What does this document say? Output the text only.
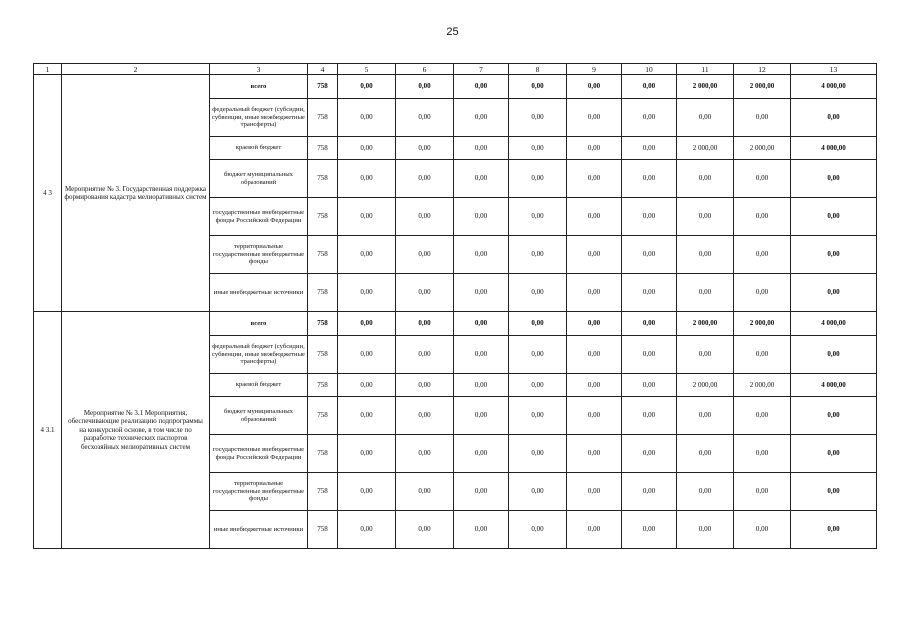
25
1	2	3	4	5	6	7	8	9	10	11	12	13
4 3	Мероприятие № 3. Государственная поддержка формирования кадастра мелиоративных систем	всего	758	0,00	0,00	0,00	0,00	0,00	0,00	2 000,00	2 000,00	4 000,00
		федеральный бюджет (субсидии, субвенции, иные межбюджетные трансферты)	758	0,00	0,00	0,00	0,00	0,00	0,00	0,00	0,00	0,00
		краевой бюджет	758	0,00	0,00	0,00	0,00	0,00	0,00	2 000,00	2 000,00	4 000,00
		бюджет муниципальных образований	758	0,00	0,00	0,00	0,00	0,00	0,00	0,00	0,00	0,00
		государственные внебюджетные фонды Российской Федерации	758	0,00	0,00	0,00	0,00	0,00	0,00	0,00	0,00	0,00
		территориальные государственные внебюджетные фонды	758	0,00	0,00	0,00	0,00	0,00	0,00	0,00	0,00	0,00
		иные внебюджетные источники	758	0,00	0,00	0,00	0,00	0,00	0,00	0,00	0,00	0,00
4 3.1	Мероприятие № 3.1 Мероприятия, обеспечивающие реализацию подпрограммы на конкурсной основе, в том числе по разработке технических паспортов бесхозяйных мелиоративных систем	всего	758	0,00	0,00	0,00	0,00	0,00	0,00	2 000,00	2 000,00	4 000,00
		федеральный бюджет (субсидии, субвенции, иные межбюджетные трансферты)	758	0,00	0,00	0,00	0,00	0,00	0,00	0,00	0,00	0,00
		краевой бюджет	758	0,00	0,00	0,00	0,00	0,00	0,00	2 000,00	2 000,00	4 000,00
		бюджет муниципальных образований	758	0,00	0,00	0,00	0,00	0,00	0,00	0,00	0,00	0,00
		государственные внебюджетные фонды Российской Федерации	758	0,00	0,00	0,00	0,00	0,00	0,00	0,00	0,00	0,00
		территориальные государственные внебюджетные фонды	758	0,00	0,00	0,00	0,00	0,00	0,00	0,00	0,00	0,00
		иные внебюджетные источники	758	0,00	0,00	0,00	0,00	0,00	0,00	0,00	0,00	0,00
